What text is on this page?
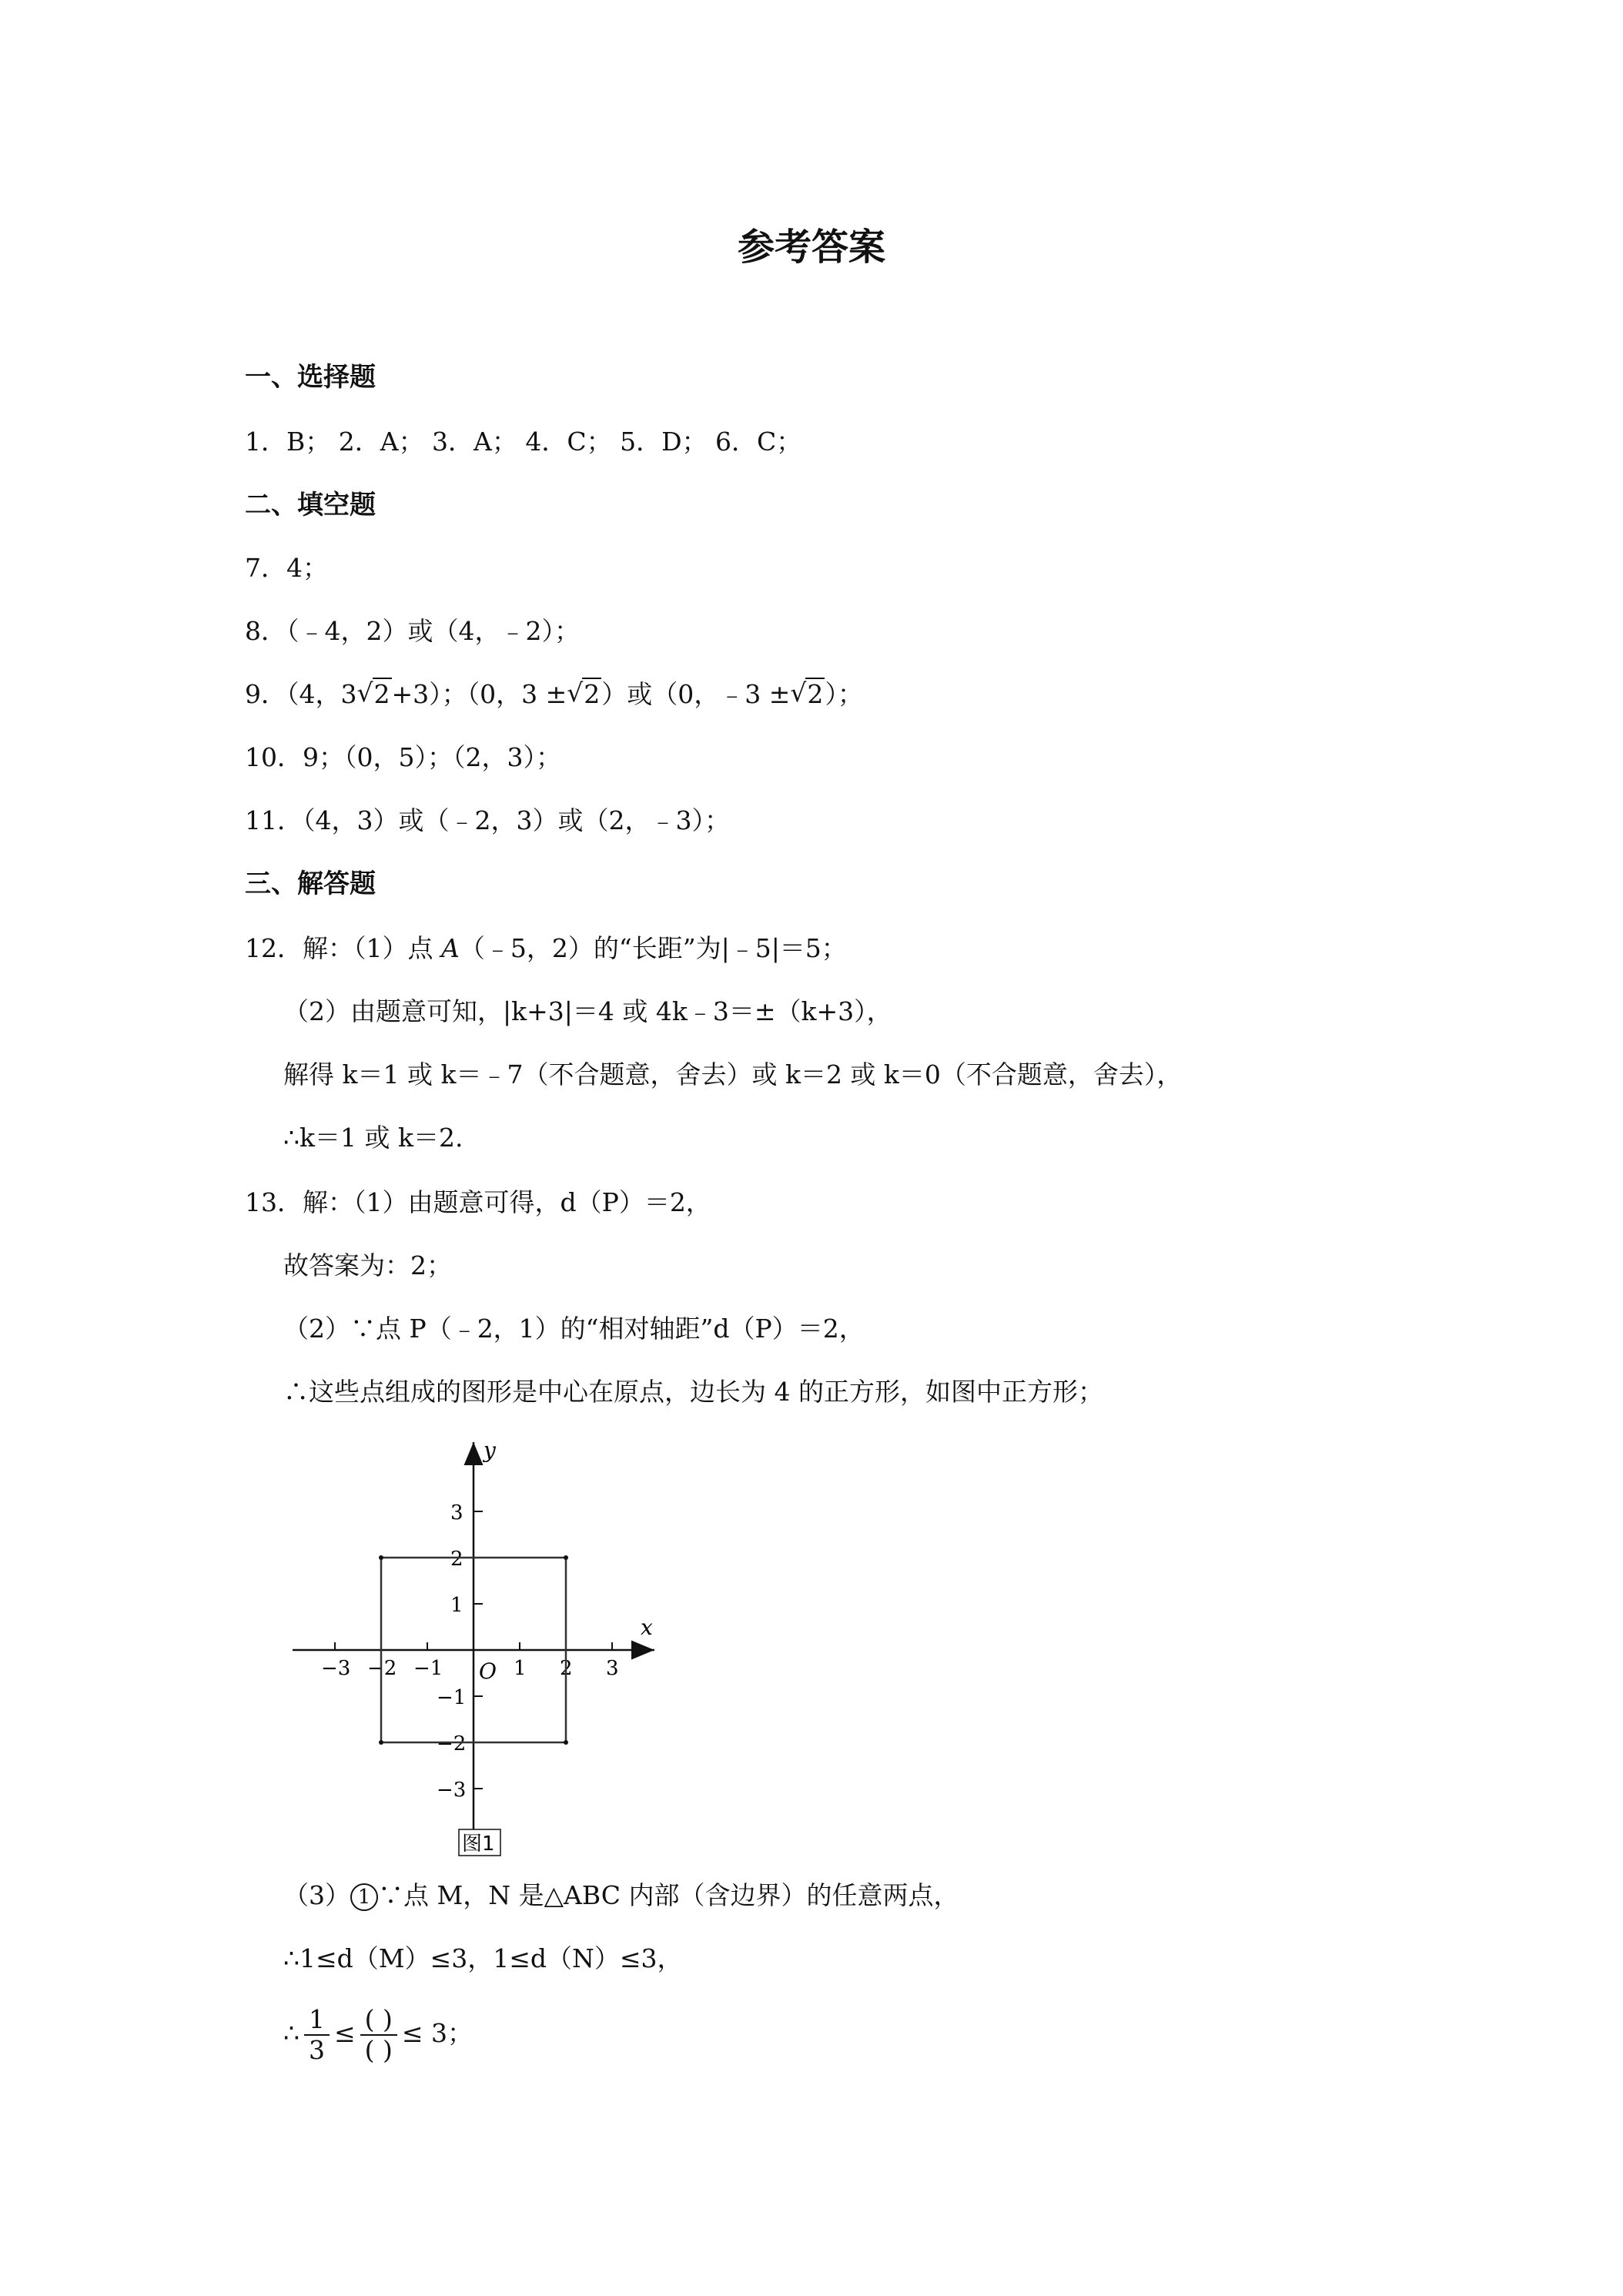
参考答案
一、选择题
1．B； 2．A； 3．A； 4．C； 5．D； 6．C；
二、填空题
7．4；
8．（﹣4，2）或（4，﹣2）；
9．（4，3 √ 2+3）；（0，3 ± √ 2）或（0，﹣3 ± √ 2）；
10．9；（0，5）；（2，3）；
11．（4，3）或（﹣2，3）或（2，﹣3）；
三、解答题
12．解：（1）点 A（﹣5，2）的“长距”为|﹣5|＝5；
（2）由题意可知，|k+3|＝4 或 4k﹣3＝±（k+3），
解得 k＝1 或 k＝﹣7（不合题意，舍去）或 k＝2 或 k＝0（不合题意，舍去），
∴k＝1 或 k＝2.
13．解：（1）由题意可得，d（P）＝2，
故答案为：2；
（2）∵点 P（﹣2，1）的“相对轴距”d（P）＝2，
∴这些点组成的图形是中心在原点，边长为 4 的正方形，如图中正方形；
x
y
O
−3 −2 −1	1 2 3
3
2
1
−1
−2
−3
图1
（3） 1 ∵点 M，N 是△ABC 内部（含边界）的任意两点，
∴1≤d（M）≤3，1≤d（N）≤3，
∴ $\frac{1}{3} \le \frac{( )}{( )} \le 3$；
